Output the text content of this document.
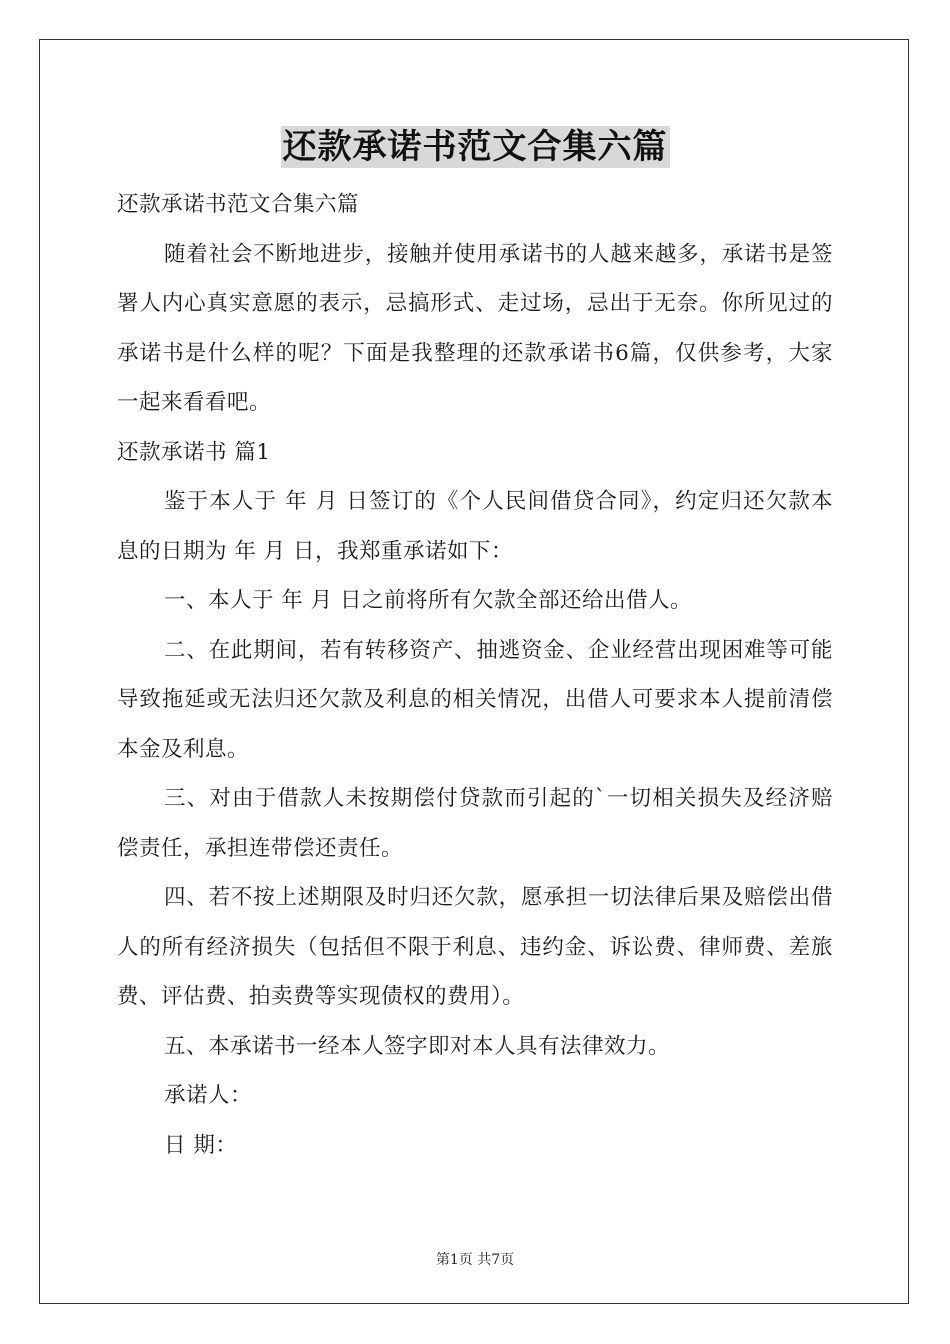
还款承诺书范文合集六篇

还款承诺书范文合集六篇

随着社会不断地进步，接触并使用承诺书的人越来越多，承诺书是签署人内心真实意愿的表示，忌搞形式、走过场，忌出于无奈。你所见过的承诺书是什么样的呢？下面是我整理的还款承诺书6篇，仅供参考，大家一起来看看吧。

还款承诺书 篇1

鉴于本人于 年 月 日签订的《个人民间借贷合同》，约定归还欠款本息的日期为 年 月 日，我郑重承诺如下：

一、本人于 年 月 日之前将所有欠款全部还给出借人。

二、在此期间，若有转移资产、抽逃资金、企业经营出现困难等可能导致拖延或无法归还欠款及利息的相关情况，出借人可要求本人提前清偿本金及利息。

三、对由于借款人未按期偿付贷款而引起的`一切相关损失及经济赔偿责任，承担连带偿还责任。

四、若不按上述期限及时归还欠款，愿承担一切法律后果及赔偿出借人的所有经济损失（包括但不限于利息、违约金、诉讼费、律师费、差旅费、评估费、拍卖费等实现债权的费用）。

五、本承诺书一经本人签字即对本人具有法律效力。

承诺人：

日 期：

第1页 共7页
